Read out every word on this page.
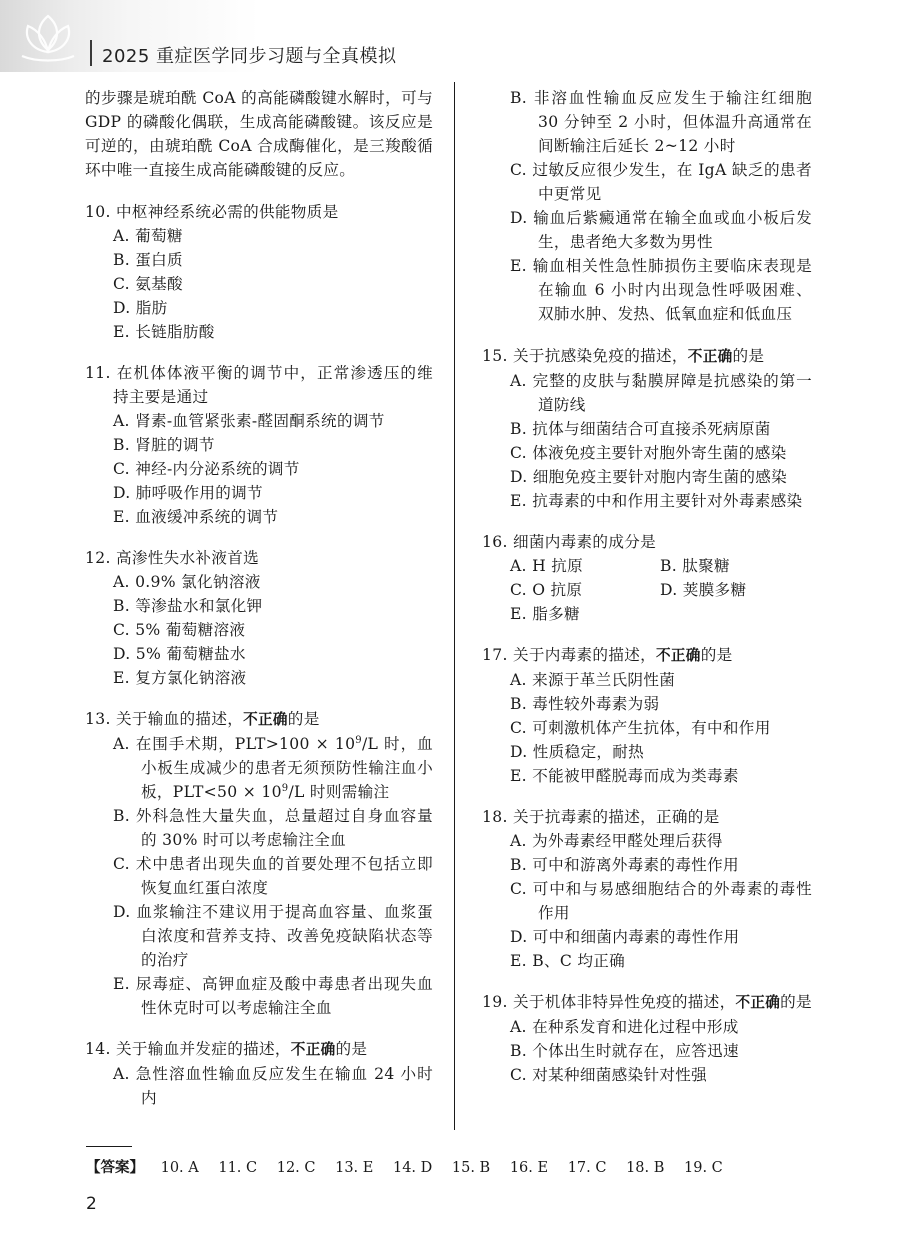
2025 重症医学同步习题与全真模拟

的步骤是琥珀酰 CoA 的高能磷酸键水解时，可与 GDP 的磷酸化偶联，生成高能磷酸键。该反应是可逆的，由琥珀酰 CoA 合成酶催化，是三羧酸循环中唯一直接生成高能磷酸键的反应。

10. 中枢神经系统必需的供能物质是
A. 葡萄糖
B. 蛋白质
C. 氨基酸
D. 脂肪
E. 长链脂肪酸
11. 在机体体液平衡的调节中，正常渗透压的维持主要是通过
A. 肾素-血管紧张素-醛固酮系统的调节
B. 肾脏的调节
C. 神经-内分泌系统的调节
D. 肺呼吸作用的调节
E. 血液缓冲系统的调节
12. 高渗性失水补液首选
A. 0.9% 氯化钠溶液
B. 等渗盐水和氯化钾
C. 5% 葡萄糖溶液
D. 5% 葡萄糖盐水
E. 复方氯化钠溶液
13. 关于输血的描述，不正确的是
A. 在围手术期，$PLT>100 \times 10^9/L$ 时，血小板生成减少的患者无须预防性输注血小板，$PLT<50 \times 10^9/L$ 时则需输注
B. 外科急性大量失血，总量超过自身血容量的 30% 时可以考虑输注全血
C. 术中患者出现失血的首要处理不包括立即恢复血红蛋白浓度
D. 血浆输注不建议用于提高血容量、血浆蛋白浓度和营养支持、改善免疫缺陷状态等的治疗
E. 尿毒症、高钾血症及酸中毒患者出现失血性休克时可以考虑输注全血
14. 关于输血并发症的描述，不正确的是
A. 急性溶血性输血反应发生在输血 24 小时内
B. 非溶血性输血反应发生于输注红细胞 30 分钟至 2 小时，但体温升高通常在间断输注后延长 2~12 小时
C. 过敏反应很少发生，在 IgA 缺乏的患者中更常见
D. 输血后紫癜通常在输全血或血小板后发生，患者绝大多数为男性
E. 输血相关性急性肺损伤主要临床表现是在输血 6 小时内出现急性呼吸困难、双肺水肿、发热、低氧血症和低血压
15. 关于抗感染免疫的描述，不正确的是
A. 完整的皮肤与黏膜屏障是抗感染的第一道防线
B. 抗体与细菌结合可直接杀死病原菌
C. 体液免疫主要针对胞外寄生菌的感染
D. 细胞免疫主要针对胞内寄生菌的感染
E. 抗毒素的中和作用主要针对外毒素感染
16. 细菌内毒素的成分是
A. H 抗原	B. 肽聚糖
C. O 抗原	D. 荚膜多糖
E. 脂多糖
17. 关于内毒素的描述，不正确的是
A. 来源于革兰氏阴性菌
B. 毒性较外毒素为弱
C. 可刺激机体产生抗体，有中和作用
D. 性质稳定，耐热
E. 不能被甲醛脱毒而成为类毒素
18. 关于抗毒素的描述，正确的是
A. 为外毒素经甲醛处理后获得
B. 可中和游离外毒素的毒性作用
C. 可中和与易感细胞结合的外毒素的毒性作用
D. 可中和细菌内毒素的毒性作用
E. B、C 均正确
19. 关于机体非特异性免疫的描述，不正确的是
A. 在种系发育和进化过程中形成
B. 个体出生时就存在，应答迅速
C. 对某种细菌感染针对性强
【答案】 10. A 11. C 12. C 13. E 14. D 15. B 16. E 17. C 18. B 19. C
2
